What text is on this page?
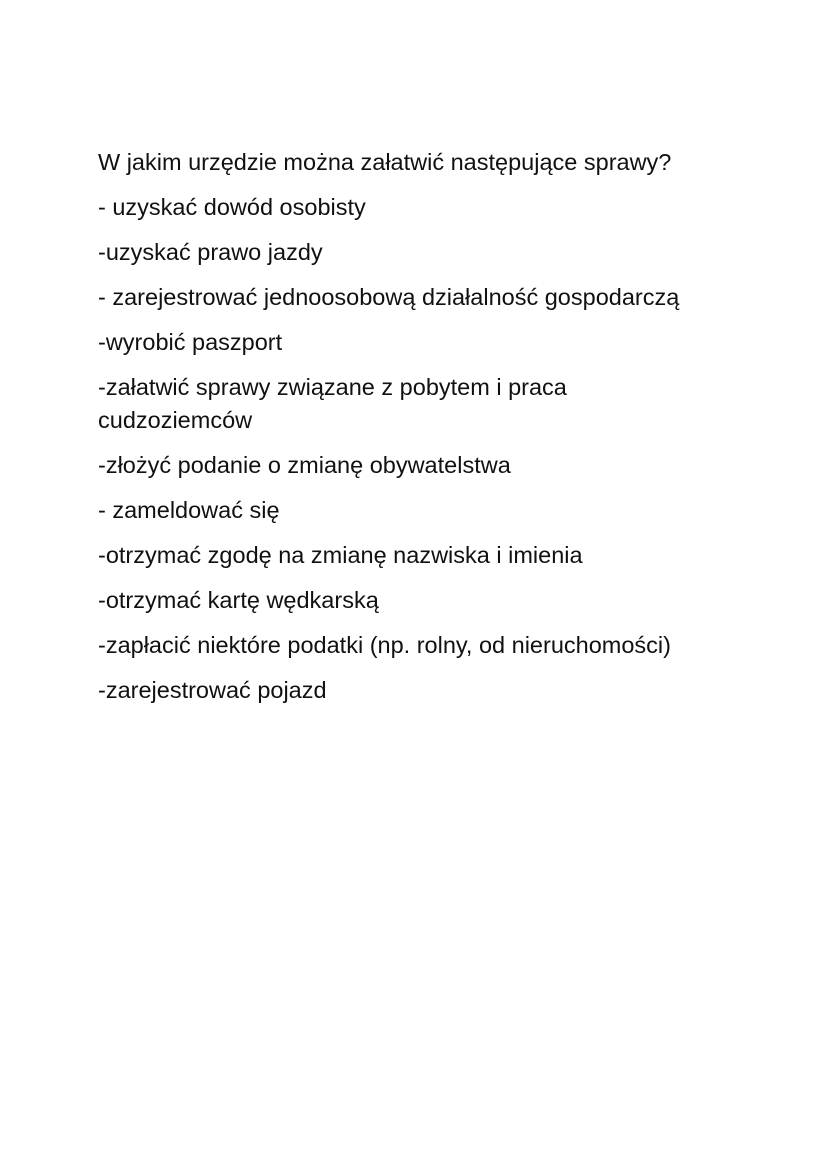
W jakim urzędzie można załatwić następujące sprawy?

- uzyskać dowód osobisty
-uzyskać prawo jazdy
- zarejestrować jednoosobową działalność gospodarczą
-wyrobić paszport
-załatwić sprawy związane z pobytem i praca cudzoziemców
-złożyć podanie o zmianę obywatelstwa
- zameldować się
-otrzymać zgodę na zmianę nazwiska i imienia
-otrzymać kartę wędkarską
-zapłacić niektóre podatki (np. rolny, od nieruchomości)
-zarejestrować pojazd
